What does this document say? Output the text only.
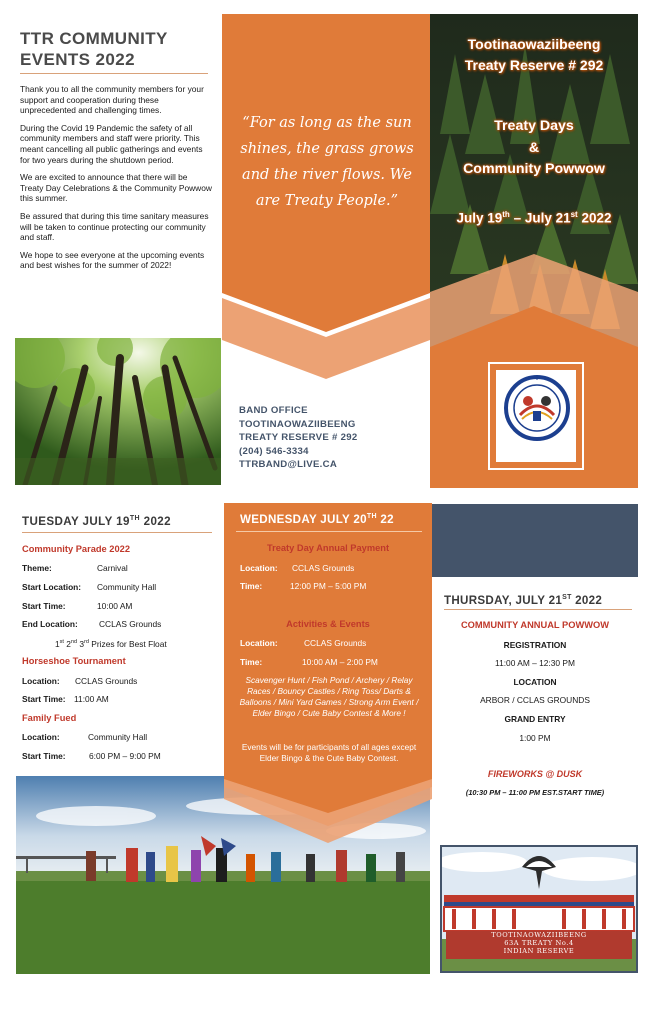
TTR COMMUNITY EVENTS 2022

Thank you to all the community members for your support and cooperation during these unprecedented and challenging times.

During the Covid 19 Pandemic the safety of all community members and staff were priority. This meant cancelling all public gatherings and events for two years during the shutdown period.

We are excited to announce that there will be Treaty Day Celebrations & the Community Powwow this summer.

Be assured that during this time sanitary measures will be taken to continue protecting our community and staff.

We hope to see everyone at the upcoming events and best wishes for the summer of 2022!

“For as long as the sun shines, the grass grows and the river flows. We are Treaty People.”
BAND OFFICE
TOOTINAOWAZIIBEENG
TREATY RESERVE # 292
(204) 546-3334
TTRBAND@LIVE.CA
Tootinaowaziibeeng
Treaty Reserve # 292
Treaty Days
&
Community Powwow
July 19th – July 21st 2022
TUESDAY JULY 19TH 2022
Community Parade 2022
Theme:	Carnival
Start Location: Community Hall
Start Time:	10:00 AM
End Location:	CCLAS Grounds
1st 2nd 3rd Prizes for Best Float
Horseshoe Tournament
Location: CCLAS Grounds
Start Time: 11:00 AM
Family Fued
Location:	Community Hall
Start Time:	6:00 PM – 9:00 PM
WEDNESDAY JULY 20TH 22
Treaty Day Annual Payment
Location: CCLAS Grounds
Time:	12:00 PM – 5:00 PM
Activities & Events
Location:	CCLAS Grounds
Time:	10:00 AM – 2:00 PM
Scavenger Hunt / Fish Pond / Archery / Relay Races / Bouncy Castles / Ring Toss/ Darts & Balloons / Mini Yard Games / Strong Arm Event / Elder Bingo / Cute Baby Contest & More !
Events will be for participants of all ages except Elder Bingo & the Cute Baby Contest.
THURSDAY, JULY 21ST 2022
COMMUNITY ANNUAL POWWOW
REGISTRATION
11:00 AM – 12:30 PM
LOCATION
ARBOR / CCLAS GROUNDS
GRAND ENTRY
1:00 PM
FIREWORKS @ DUSK
(10:30 PM – 11:00 PM EST.START TIME)
TOOTINAOWAZIIBEENG
63A TREATY No.4
INDIAN RESERVE
